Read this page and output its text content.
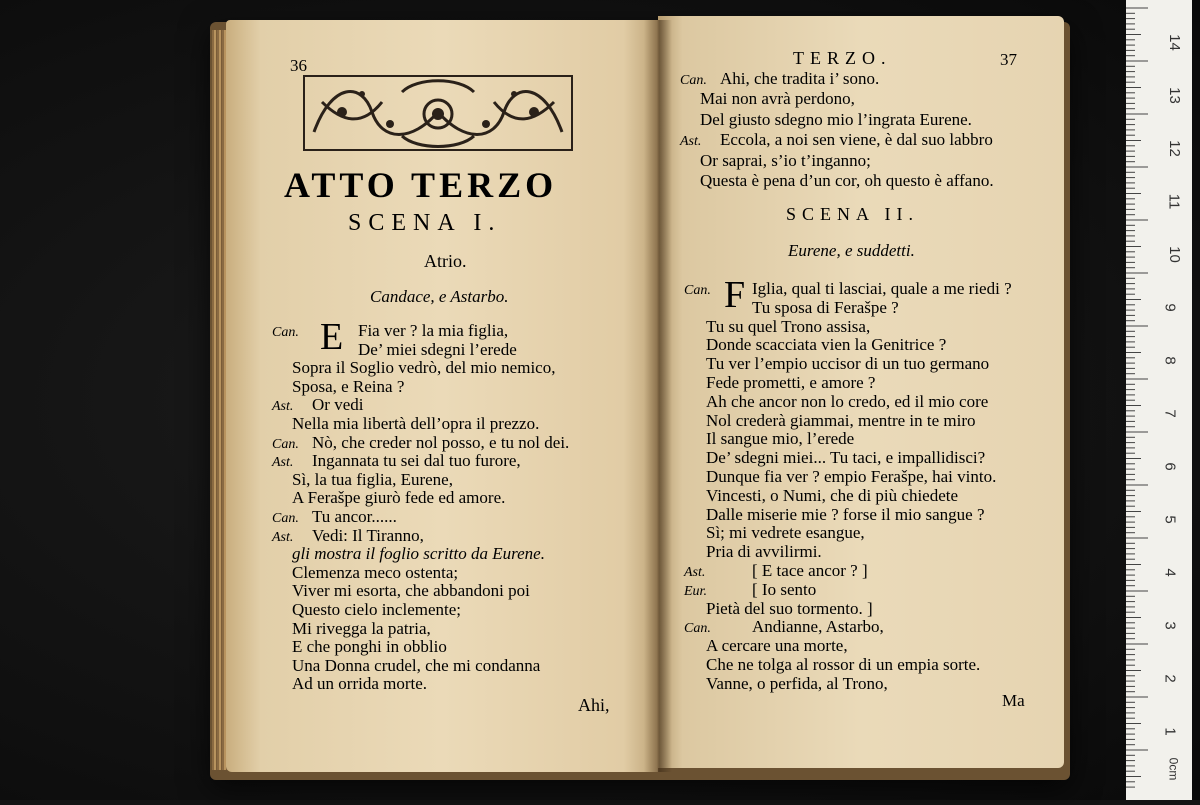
36
ATTO TERZO
SCENA I.
Atrio.
Candace, e Astarbo.
Can. E Fia ver ? la mia figlia,
De’ miei sdegni l’erede
Sopra il Soglio vedrò, del mio nemico,
Sposa, e Reina ?
Ast. Or vedi
Nella mia libertà dell’opra il prezzo.
Can. Nò, che creder nol posso, e tu nol dei.
Ast. Ingannata tu sei dal tuo furore,
Sì, la tua figlia, Eurene,
A Ferašpe giurò fede ed amore.
Can. Tu ancor......
Ast. Vedi: Il Tiranno,
gli mostra il foglio scritto da Eurene.
Clemenza meco ostenta;
Viver mi esorta, che abbandoni poi
Questo cielo inclemente;
Mi rivegga la patria,
E che ponghi in obblio
Una Donna crudel, che mi condanna
Ad un orrida morte.
Ahi,
TERZO.	37
Can. Ahi, che tradita i’ sono.
Mai non avrà perdono,
Del giusto sdegno mio l’ingrata Eurene.
Ast. Eccola, a noi sen viene, è dal suo labbro
Or saprai, s’io t’inganno;
Questa è pena d’un cor, oh questo è affano.
SCENA II.
Eurene, e suddetti.
Can. F Iglia, qual ti lasciai, quale a me riedi ?
Tu sposa di Ferašpe ?
Tu su quel Trono assisa,
Donde scacciata vien la Genitrice ?
Tu ver l’empio uccisor di un tuo germano
Fede prometti, e amore ?
Ah che ancor non lo credo, ed il mio core
Nol crederà giammai, mentre in te miro
Il sangue mio, l’erede
De’ sdegni miei... Tu taci, e impallidisci?
Dunque fia ver ? empio Ferašpe, hai vinto.
Vincesti, o Numi, che di più chiedete
Dalle miserie mie ? forse il mio sangue ?
Sì; mi vedrete esangue,
Pria di avvilirmi.
Ast.	[ E tace ancor ? ]
Eur.	[ Io sento
Pietà del suo tormento. ]
Can. Andianne, Astarbo,
A cercare una morte,
Che ne tolga al rossor di un empia sorte.
Vanne, o perfida, al Trono,
Ma
14
13
12
11
10
9
8
7
6
5
4
3
2
1
0cm
